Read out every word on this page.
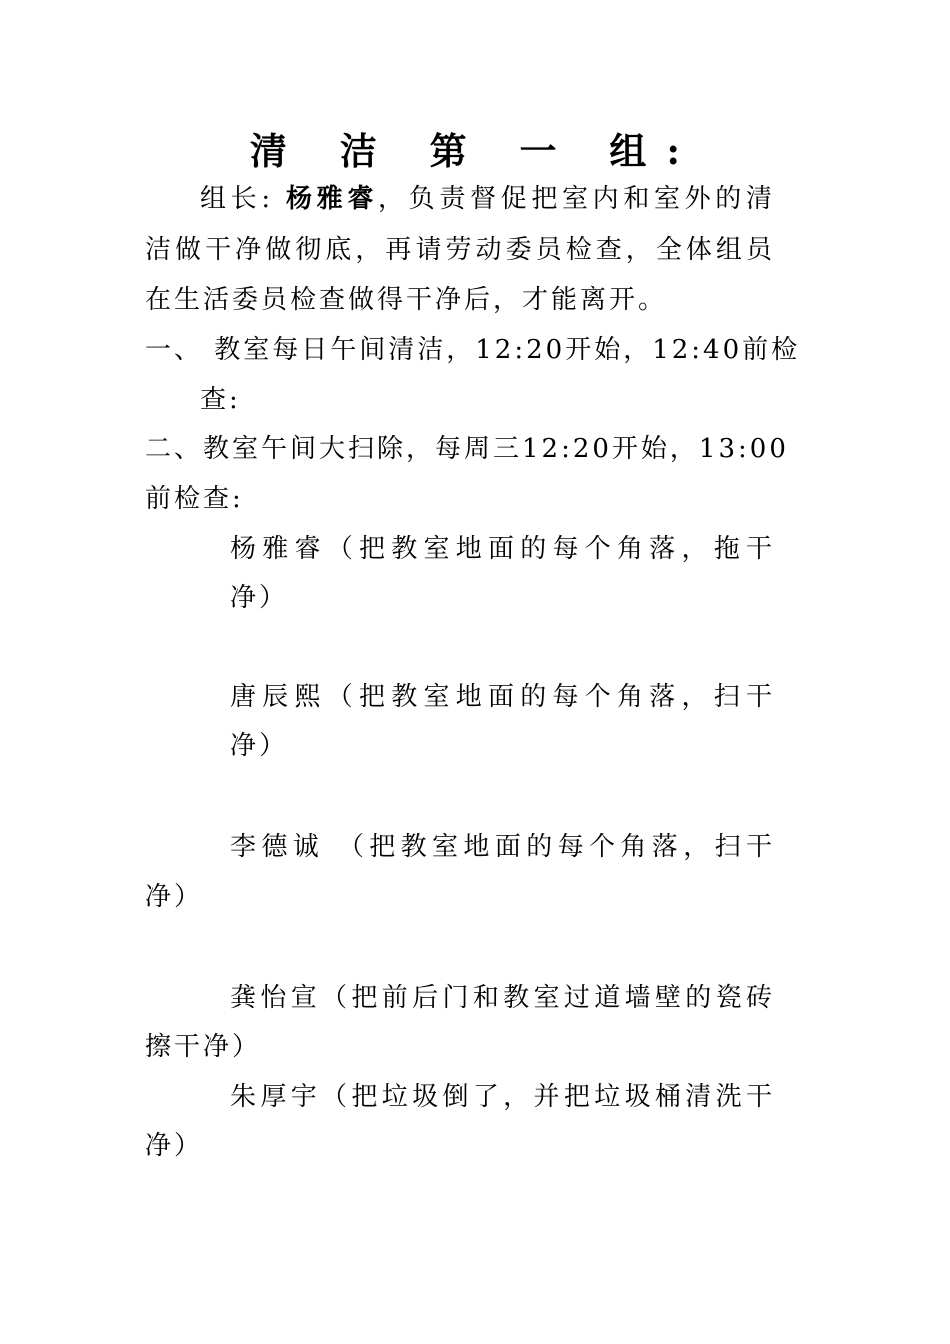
清 洁 第 一 组:
组长: 杨雅睿，负责督促把室内和室外的清
洁做干净做彻底，再请劳动委员检查，全体组员
在生活委员检查做得干净后，才能离开。
一、 教室每日午间清洁，12:20开始，12:40前检
查:
二、教室午间大扫除，每周三12:20开始，13:00
前检查:
杨雅睿（把教室地面的每个角落，拖干
净）
唐辰熙（把教室地面的每个角落，扫干
净）
李德诚 （把教室地面的每个角落，扫干
净）
龚怡宣（把前后门和教室过道墙壁的瓷砖
擦干净）
朱厚宇（把垃圾倒了，并把垃圾桶清洗干
净）
